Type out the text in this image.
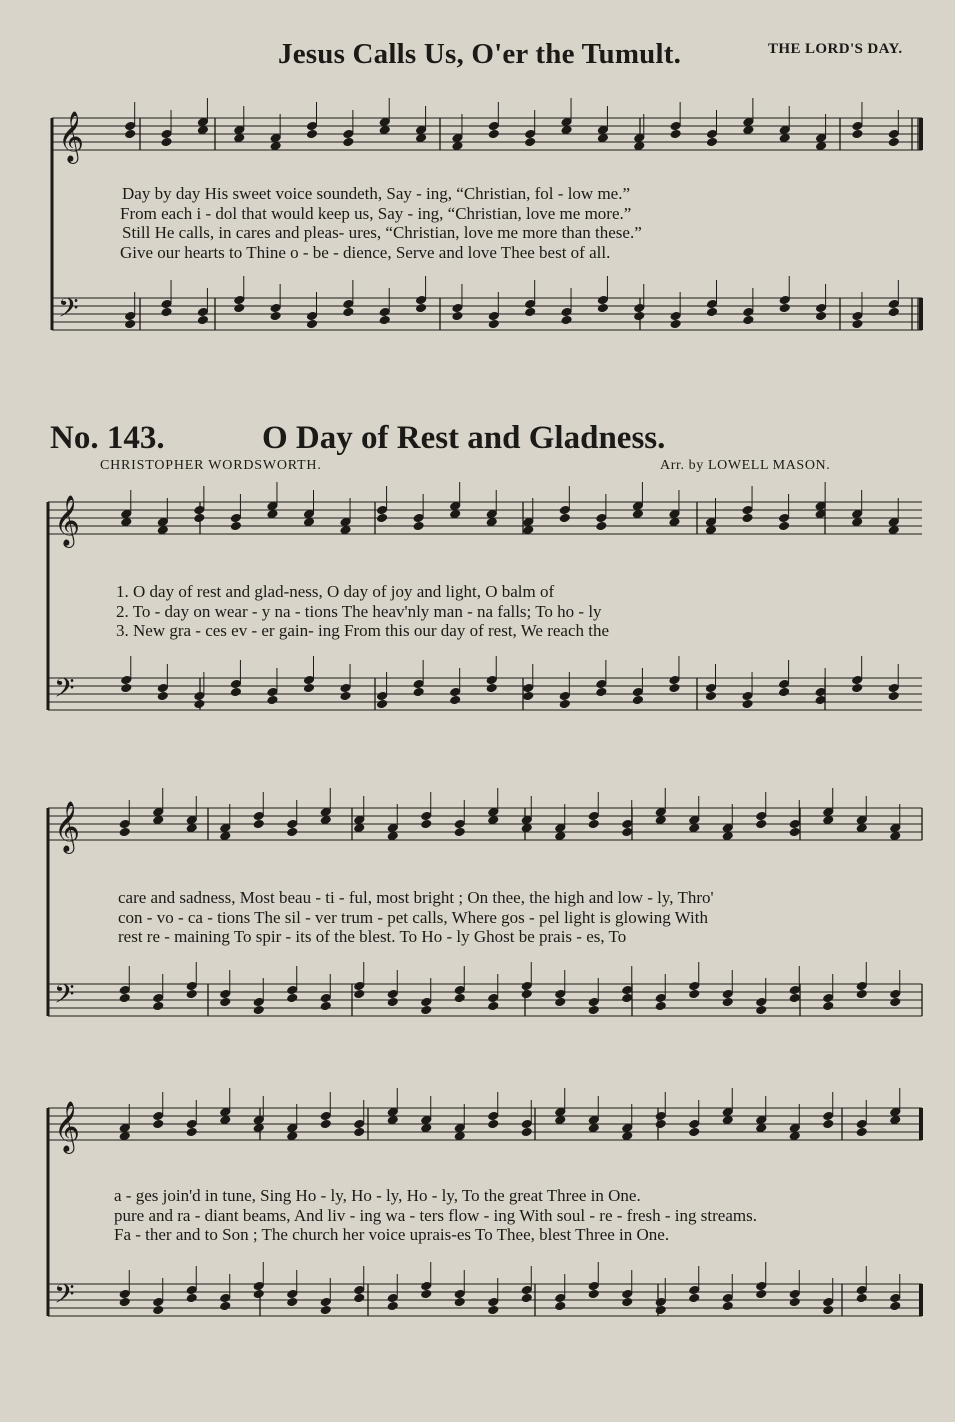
𝄞
𝄢
𝄞
𝄢
𝄞
𝄢
𝄞
𝄢
Jesus Calls Us, O'er the Tumult.	THE LORD'S DAY.
Day by day His sweet voice soundeth, Say - ing, “Christian, fol - low me.”
From each i - dol that would keep us, Say - ing, “Christian, love me more.”
Still He calls, in cares and pleas- ures, “Christian, love me more than these.”
Give our hearts to Thine o - be - dience, Serve and love Thee best of all.
No. 143.	O Day of Rest and Gladness.
CHRISTOPHER WORDSWORTH.	Arr. by LOWELL MASON.
1. O day of rest and glad-ness, O day of joy and light, O balm of
2. To - day on wear - y na - tions The heav'nly man - na falls; To ho - ly
3. New gra - ces ev - er gain- ing From this our day of rest, We reach the
care and sadness, Most beau - ti - ful, most bright ; On thee, the high and low - ly, Thro'
con - vo - ca - tions The sil - ver trum - pet calls, Where gos - pel light is glowing With
rest re - maining To spir - its of the blest. To Ho - ly Ghost be prais - es, To
a - ges join'd in tune, Sing Ho - ly, Ho - ly, Ho - ly, To the great Three in One.
pure and ra - diant beams, And liv - ing wa - ters flow - ing With soul - re - fresh - ing streams.
Fa - ther and to Son ; The church her voice uprais-es To Thee, blest Three in One.
